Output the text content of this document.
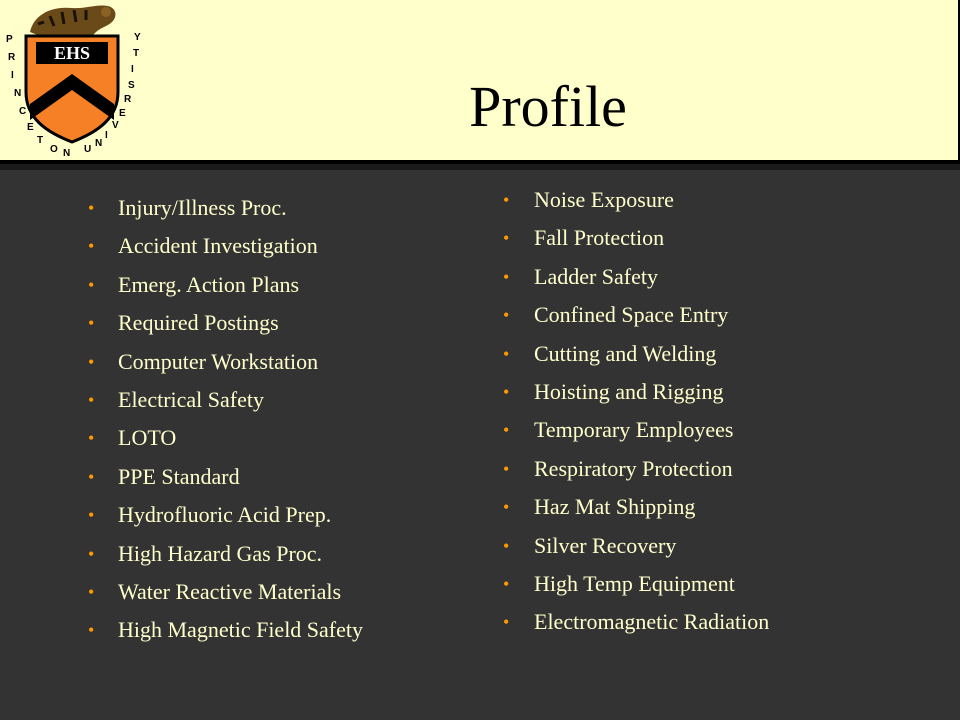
EHS
P
R
I
N
C
E
T
O N U
N
I
V
E
R
S
I
T
Y
Profile
• Injury/Illness Proc.
• Accident Investigation
• Emerg. Action Plans
• Required Postings
• Computer Workstation
• Electrical Safety
• LOTO
• PPE Standard
• Hydrofluoric Acid Prep.
• High Hazard Gas Proc.
• Water Reactive Materials
• High Magnetic Field Safety
• Noise Exposure
• Fall Protection
• Ladder Safety
• Confined Space Entry
• Cutting and Welding
• Hoisting and Rigging
• Temporary Employees
• Respiratory Protection
• Haz Mat Shipping
• Silver Recovery
• High Temp Equipment
• Electromagnetic Radiation
